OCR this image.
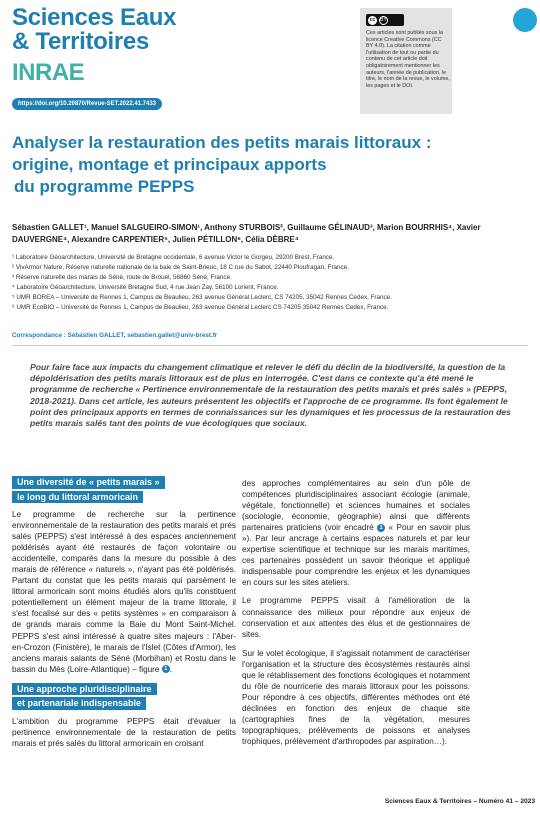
Sciences Eaux
& Territoires
INRAE
https://doi.org/10.20870/Revue-SET.2022.41.7433
cc BY
Ces articles sont publiés sous la licence Creative Commons (CC BY 4.0). La citation comme l'utilisation de tout ou partie du contenu de cet article doit obligatoirement mentionner les auteurs, l'année de publication, le titre, le nom de la revue, le volume, les pages et le DOI.
Analyser la restauration des petits marais littoraux :
origine, montage et principaux apports
du programme PEPPS
Sébastien GALLET¹, Manuel SALGUEIRO-SIMON¹, Anthony STURBOIS², Guillaume GÉLINAUD³, Marion BOURRHIS⁴, Xavier DAUVERGNE⁴, Alexandre CARPENTIER⁵, Julien PÉTILLON⁶, Célia DÈBRE⁴
¹ Laboratoire Géoarchitecture, Université de Bretagne occidentale, 6 avenue Victor le Gorgeu, 29200 Brest, France.
² VivArmor Nature, Réserve naturelle nationale de la baie de Saint-Brieuc, 18 C rue du Sabot, 22440 Ploufragan, France.
³ Réserve naturelle des marais de Séné, route de Brouel, 56860 Séné, France.
⁴ Laboratoire Géoarchitecture, Université Bretagne Sud, 4 rue Jean Zay, 56100 Lorient, France.
⁵ UMR BOREA – Université de Rennes 1, Campus de Beaulieu, 263 avenue Général Leclerc, CS 74205, 35042 Rennes Cedex, France.
⁶ UMR EcoBIO – Université de Rennes 1, Campus de Beaulieu, 263 avenue Général Leclerc CS 74205 35042 Rennes Cedex, France.
Correspondance : Sébastien GALLET, sebastien.gallet@univ-brest.fr
Pour faire face aux impacts du changement climatique et relever le défi du déclin de la biodiversité, la question de la dépoldérisation des petits marais littoraux est de plus en interrogée. C'est dans ce contexte qu'a été mené le programme de recherche « Pertinence environnementale de la restauration des petits marais et prés salés » (PEPPS, 2018-2021). Dans cet article, les auteurs présentent les objectifs et l'approche de ce programme. Ils font également le point des principaux apports en termes de connaissances sur les dynamiques et les processus de la restauration des petits marais salés tant des points de vue écologiques que sociaux.
Une diversité de « petits marais »
le long du littoral armoricain

Le programme de recherche sur la pertinence environnementale de la restauration des petits marais et prés salés (PEPPS) s'est intéressé à des espaces anciennement poldérisés ayant été restaurés de façon volontaire ou accidentelle, comparés dans la mesure du possible à des marais de référence « naturels », n'ayant pas été poldérisés. Partant du constat que les petits marais qui parsèment le littoral armoricain sont moins étudiés alors qu'ils constituent potentiellement un élément majeur de la trame littorale, il s'est focalisé sur des « petits systèmes » en comparaison à de grands marais comme la Baie du Mont Saint-Michel. PEPPS s'est ainsi intéressé à quatre sites majeurs : l'Aber-en-Crozon (Finistère), le marais de l'Islet (Côtes d'Armor), les anciens marais salants de Séné (Morbihan) et Rostu dans le bassin du Mès (Loire-Atlantique) – figure 1 .

Une approche pluridisciplinaire
et partenariale indispensable

L'ambition du programme PEPPS était d'évaluer la pertinence environnementale de la restauration de petits marais et prés salés du littoral armoricain en croisant

des approches complémentaires au sein d'un pôle de compétences pluridisciplinaires associant écologie (animale, végétale, fonctionnelle) et sciences humaines et sociales (sociologie, économie, géographie) ainsi que différents partenaires praticiens (voir encadré 1 « Pour en savoir plus »). Par leur ancrage à certains espaces naturels et par leur expertise scientifique et technique sur les marais maritimes, ces partenaires possèdent un savoir théorique et appliqué indispensable pour comprendre les enjeux et les dynamiques en cours sur les sites ateliers.

Le programme PEPPS visait à l'amélioration de la connaissance des milieux pour répondre aux enjeux de conservation et aux attentes des élus et de gestionnaires de sites.

Sur le volet écologique, il s'agissait notamment de caractériser l'organisation et la structure des écosystèmes restaurés ainsi que le rétablissement des fonctions écologiques et notamment du rôle de nourricerie des marais littoraux pour les poissons. Pour répondre à ces objectifs, différentes méthodes ont été déclinées en fonction des enjeux de chaque site (cartographies fines de la végétation, mesures topographiques, prélèvements de poissons et analyses trophiques, prélèvement d'arthropodes par aspiration…).

Sciences Eaux & Territoires – Numéro 41 – 2023
